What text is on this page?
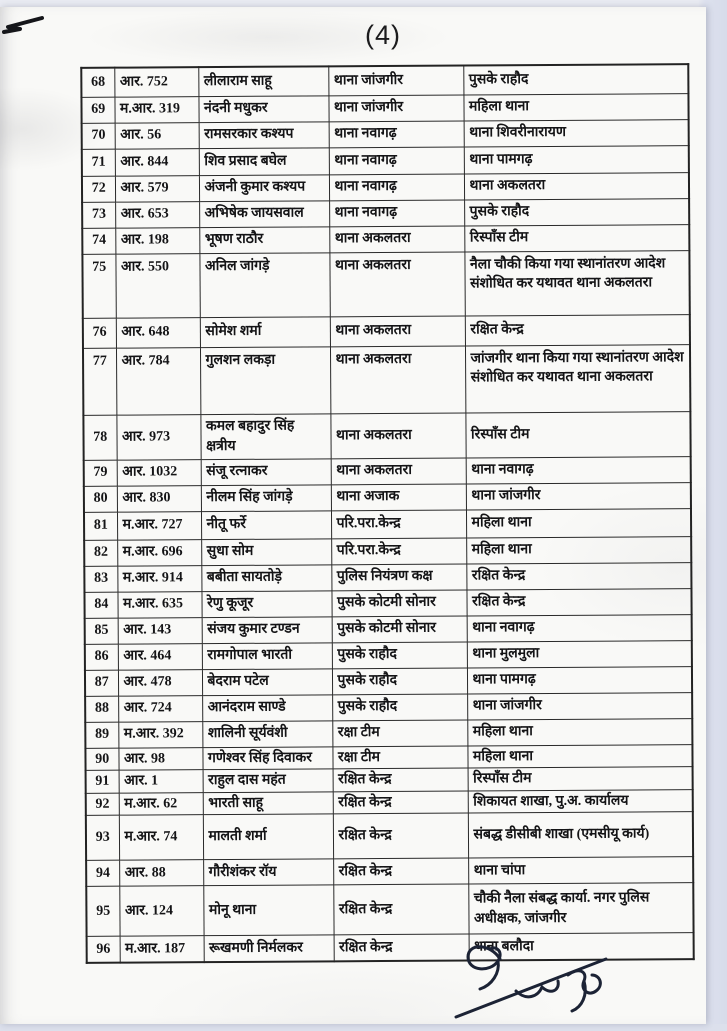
(4)
68	आर. 752	लीलाराम साहू	थाना जांजगीर	पुसके राहौद
69	म.आर. 319	नंदनी मधुकर	थाना जांजगीर	महिला थाना
70	आर. 56	रामसरकार कश्यप	थाना नवागढ़	थाना शिवरीनारायण
71	आर. 844	शिव प्रसाद बघेल	थाना नवागढ़	थाना पामगढ़
72	आर. 579	अंजनी कुमार कश्यप	थाना नवागढ़	थाना अकलतरा
73	आर. 653	अभिषेक जायसवाल	थाना नवागढ़	पुसके राहौद
74	आर. 198	भूषण राठौर	थाना अकलतरा	रिस्पॉंस टीम
75	आर. 550	अनिल जांगड़े	थाना अकलतरा	नैला चौकी किया गया स्थानांतरण आदेश संशोधित कर यथावत थाना अकलतरा
76	आर. 648	सोमेश शर्मा	थाना अकलतरा	रक्षित केन्द्र
77	आर. 784	गुलशन लकड़ा	थाना अकलतरा	जांजगीर थाना किया गया स्थानांतरण आदेश संशोधित कर यथावत थाना अकलतरा
78	आर. 973	कमल बहादुर सिंह क्षत्रीय	थाना अकलतरा	रिस्पॉंस टीम
79	आर. 1032	संजू रत्नाकर	थाना अकलतरा	थाना नवागढ़
80	आर. 830	नीलम सिंह जांगड़े	थाना अजाक	थाना जांजगीर
81	म.आर. 727	नीतू फर्रे	परि.परा.केन्द्र	महिला थाना
82	म.आर. 696	सुधा सोम	परि.परा.केन्द्र	महिला थाना
83	म.आर. 914	बबीता सायतोड़े	पुलिस नियंत्रण कक्ष	रक्षित केन्द्र
84	म.आर. 635	रेणु कूजूर	पुसके कोटमी सोनार	रक्षित केन्द्र
85	आर. 143	संजय कुमार टण्डन	पुसके कोटमी सोनार	थाना नवागढ़
86	आर. 464	रामगोपाल भारती	पुसके राहौद	थाना मुलमुला
87	आर. 478	बेदराम पटेल	पुसके राहौद	थाना पामगढ़
88	आर. 724	आनंदराम साण्डे	पुसके राहौद	थाना जांजगीर
89	म.आर. 392	शालिनी सूर्यवंशी	रक्षा टीम	महिला थाना
90	आर. 98	गणेश्वर सिंह दिवाकर	रक्षा टीम	महिला थाना
91	आर. 1	राहुल दास महंत	रक्षित केन्द्र	रिस्पॉंस टीम
92	म.आर. 62	भारती साहू	रक्षित केन्द्र	शिकायत शाखा, पु.अ. कार्यालय
93	म.आर. 74	मालती शर्मा	रक्षित केन्द्र	संबद्ध डीसीबी शाखा (एमसीयू कार्य)
94	आर. 88	गौरीशंकर रॉय	रक्षित केन्द्र	थाना चांपा
95	आर. 124	मोनू थाना	रक्षित केन्द्र	चौकी नैला संबद्ध कार्या. नगर पुलिस अधीक्षक, जांजगीर
96	म.आर. 187	रूखमणी निर्मलकर	रक्षित केन्द्र	थाना बलौदा
